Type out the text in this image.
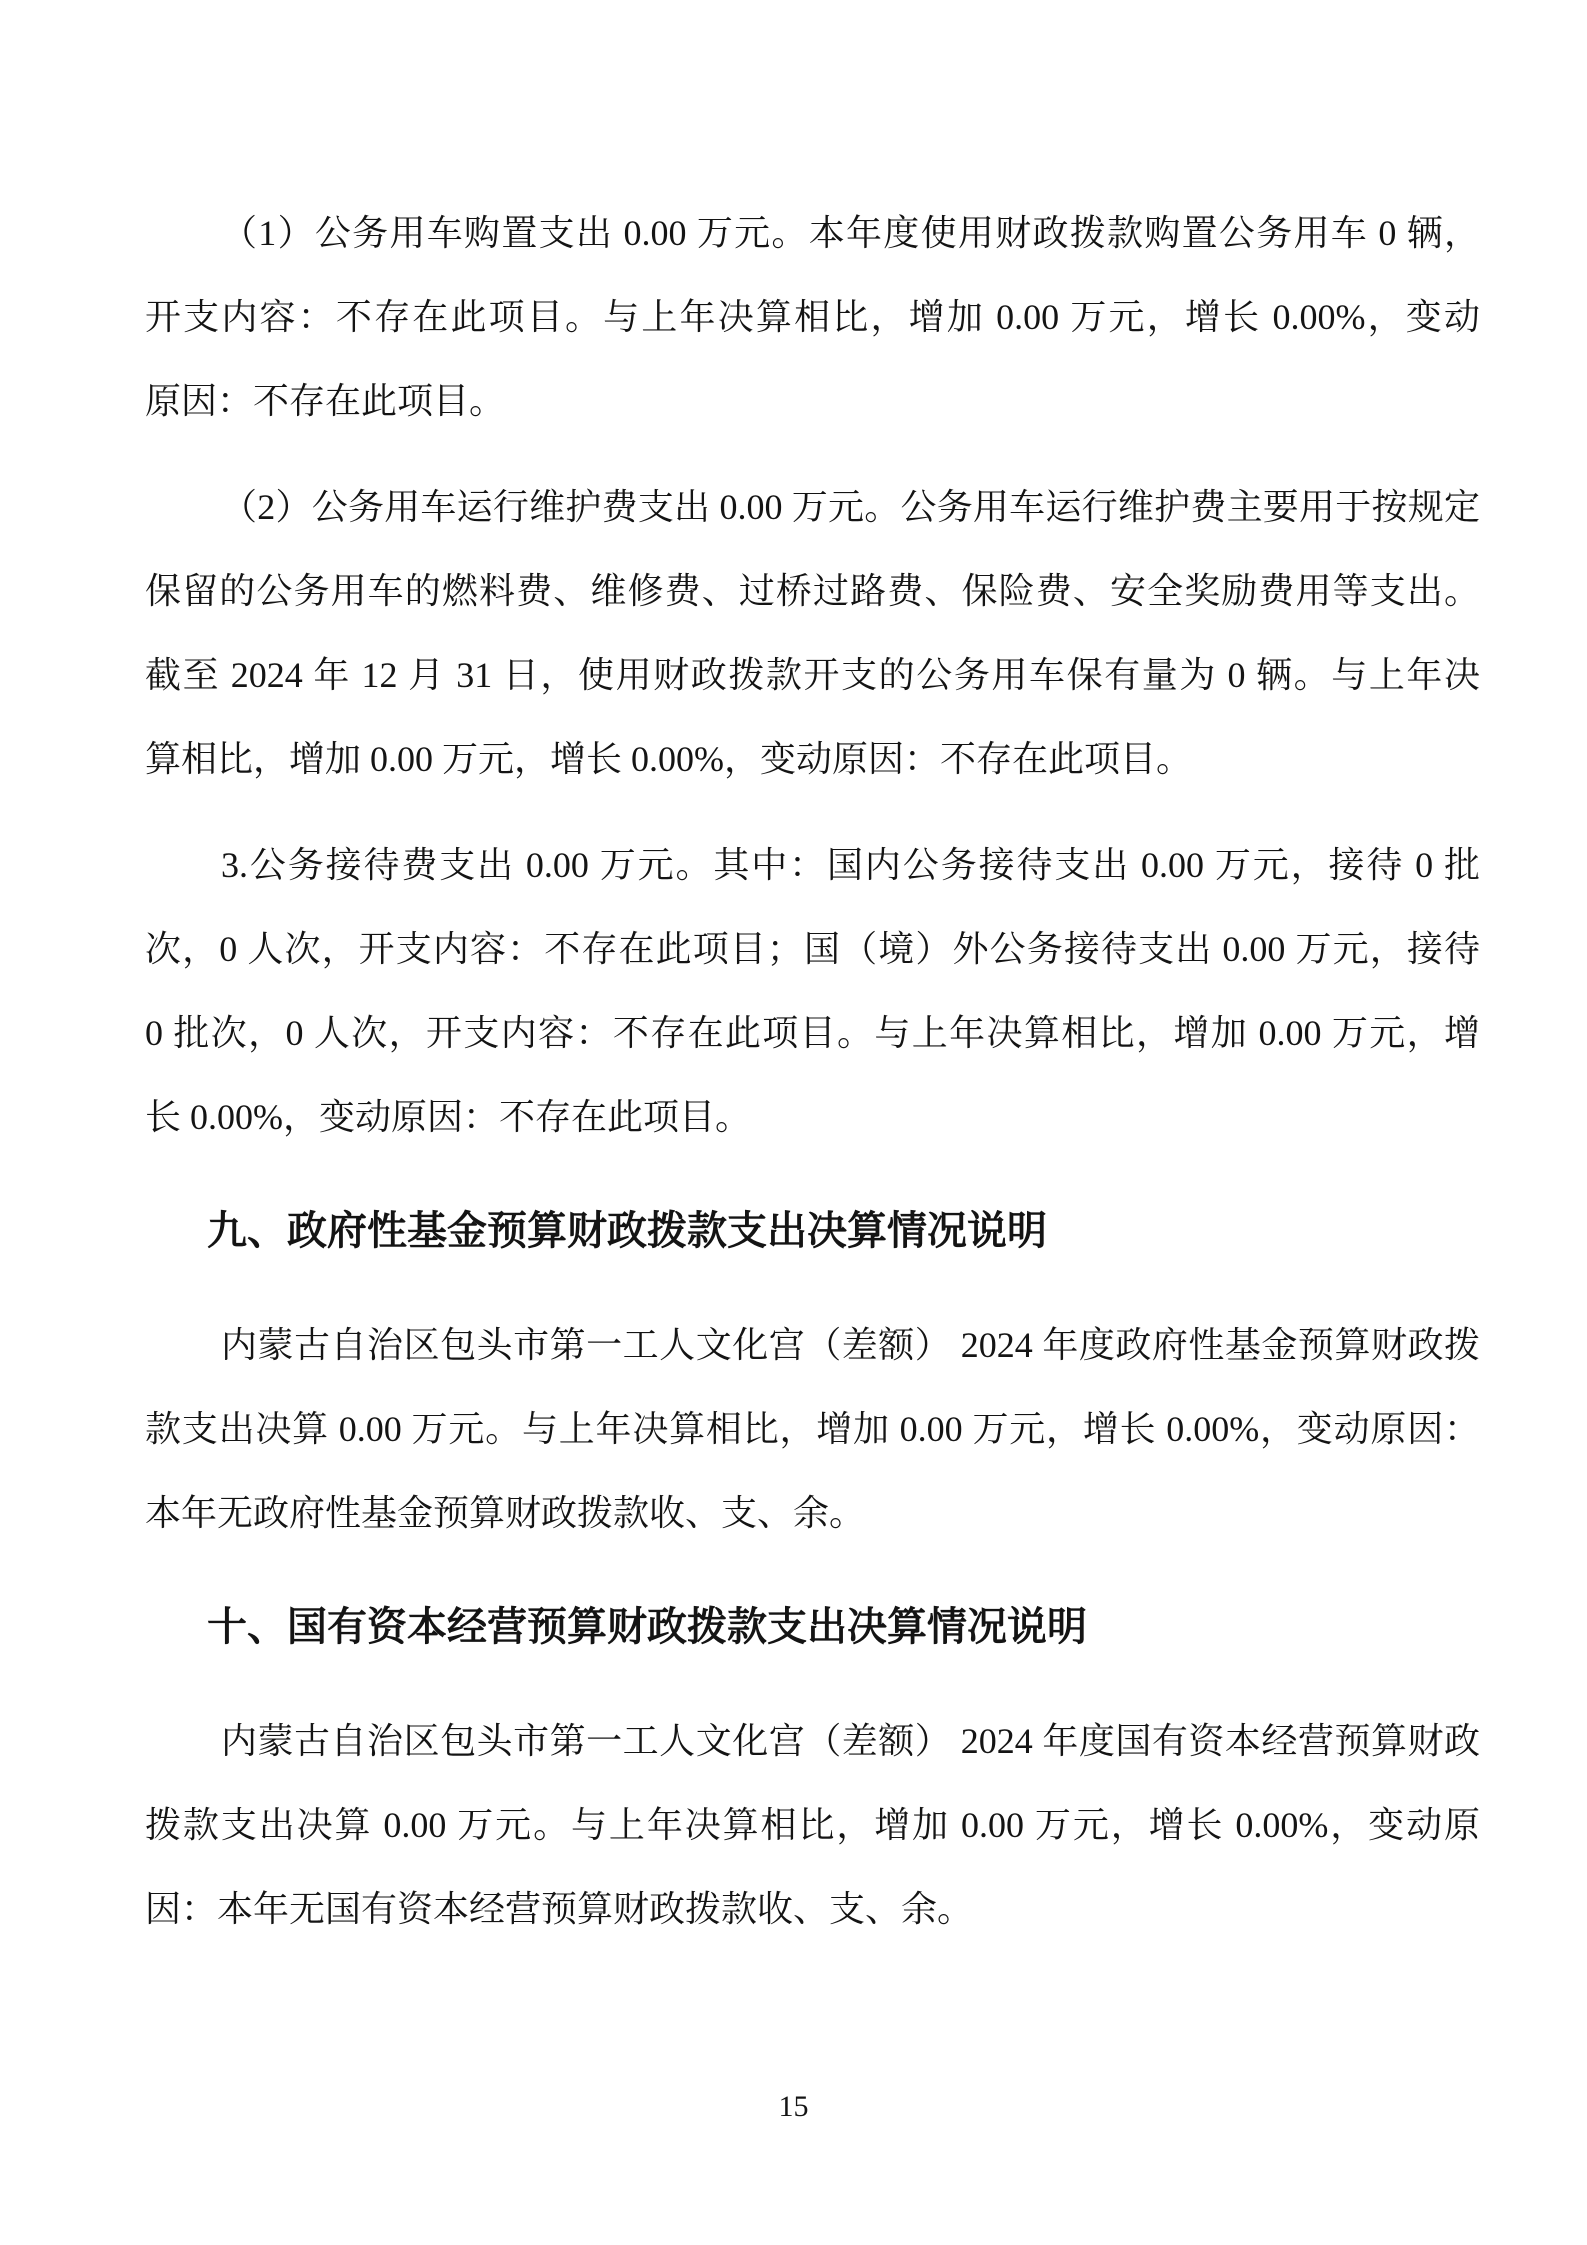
（1）公务用车购置支出 0.00 万元。本年度使用财政拨款购置公务用车 0 辆，
开支内容：不存在此项目。与上年决算相比，增加 0.00 万元，增长 0.00%，变动
原因：不存在此项目。
（2）公务用车运行维护费支出 0.00 万元。公务用车运行维护费主要用于按规定
保留的公务用车的燃料费、维修费、过桥过路费、保险费、安全奖励费用等支出。
截至 2024 年 12 月 31 日，使用财政拨款开支的公务用车保有量为 0 辆。与上年决
算相比，增加 0.00 万元，增长 0.00%，变动原因：不存在此项目。
3.公务接待费支出 0.00 万元。其中：国内公务接待支出 0.00 万元，接待 0 批
次，0 人次，开支内容：不存在此项目；国（境）外公务接待支出 0.00 万元，接待
0 批次，0 人次，开支内容：不存在此项目。与上年决算相比，增加 0.00 万元，增
长 0.00%，变动原因：不存在此项目。
九、政府性基金预算财政拨款支出决算情况说明
内蒙古自治区包头市第一工人文化宫（差额） 2024 年度政府性基金预算财政拨
款支出决算 0.00 万元。与上年决算相比，增加 0.00 万元，增长 0.00%，变动原因：
本年无政府性基金预算财政拨款收、支、余。
十、国有资本经营预算财政拨款支出决算情况说明
内蒙古自治区包头市第一工人文化宫（差额） 2024 年度国有资本经营预算财政
拨款支出决算 0.00 万元。与上年决算相比，增加 0.00 万元，增长 0.00%，变动原
因：本年无国有资本经营预算财政拨款收、支、余。
15
